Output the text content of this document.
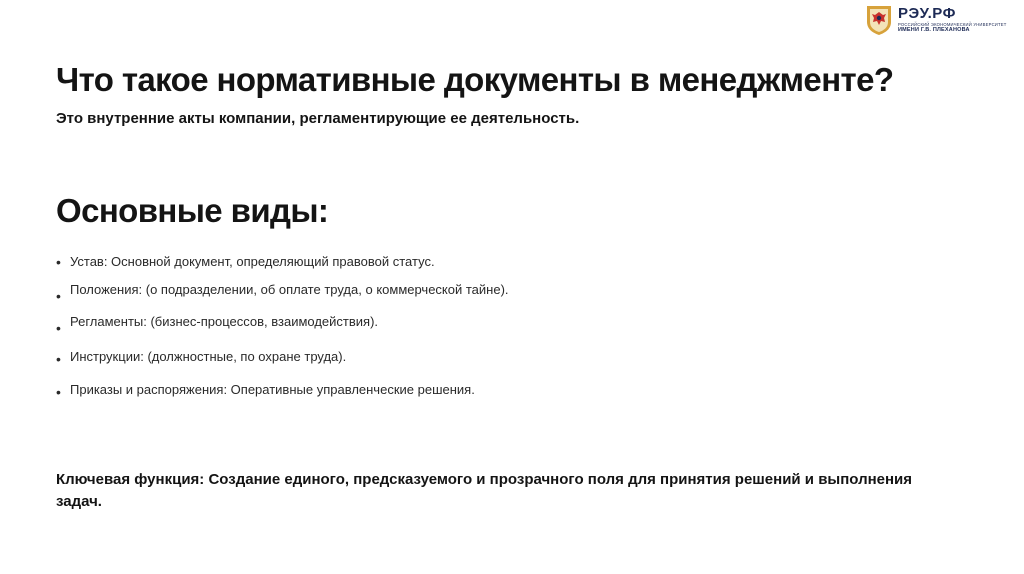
РЭУ.РФ
РОССИЙСКИЙ ЭКОНОМИЧЕСКИЙ УНИВЕРСИТЕТ
ИМЕНИ Г.В. ПЛЕХАНОВА
Что такое нормативные документы в менеджменте?

Это внутренние акты компании, регламентирующие ее деятельность.

Основные виды:
• Устав: Основной документ, определяющий правовой статус.
• Положения: (о подразделении, об оплате труда, о коммерческой тайне).
• Регламенты: (бизнес-процессов, взаимодействия).
• Инструкции: (должностные, по охране труда).
• Приказы и распоряжения: Оперативные управленческие решения.

Ключевая функция: Создание единого, предсказуемого и прозрачного поля для принятия решений и выполнения задач.
